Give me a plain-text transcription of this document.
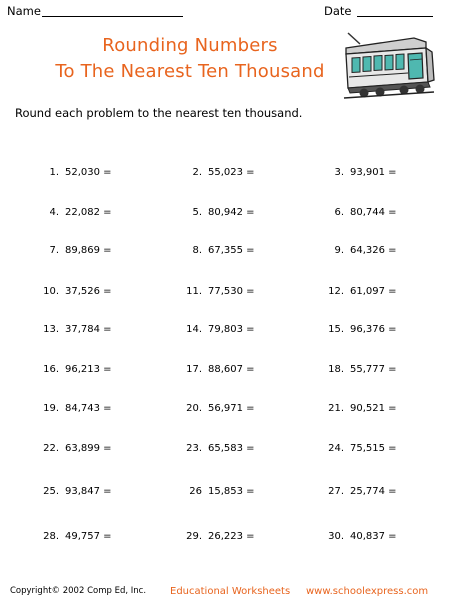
Name	Date
Rounding Numbers
To The Nearest Ten Thousand
Round each problem to the nearest ten thousand.
1. 52,030 =	2. 55,023 =	3. 93,901 =
4. 22,082 =	5. 80,942 =	6. 80,744 =
7. 89,869 =	8. 67,355 =	9. 64,326 =
10. 37,526 =	11. 77,530 =	12. 61,097 =
13. 37,784 =	14. 79,803 =	15. 96,376 =
16. 96,213 =	17. 88,607 =	18. 55,777 =
19. 84,743 =	20. 56,971 =	21. 90,521 =
22. 63,899 =	23. 65,583 =	24. 75,515 =
25. 93,847 =	26 15,853 =	27. 25,774 =
28. 49,757 =	29. 26,223 =	30. 40,837 =
Copyright© 2002 Comp Ed, Inc. Educational Worksheets www.schoolexpress.com
